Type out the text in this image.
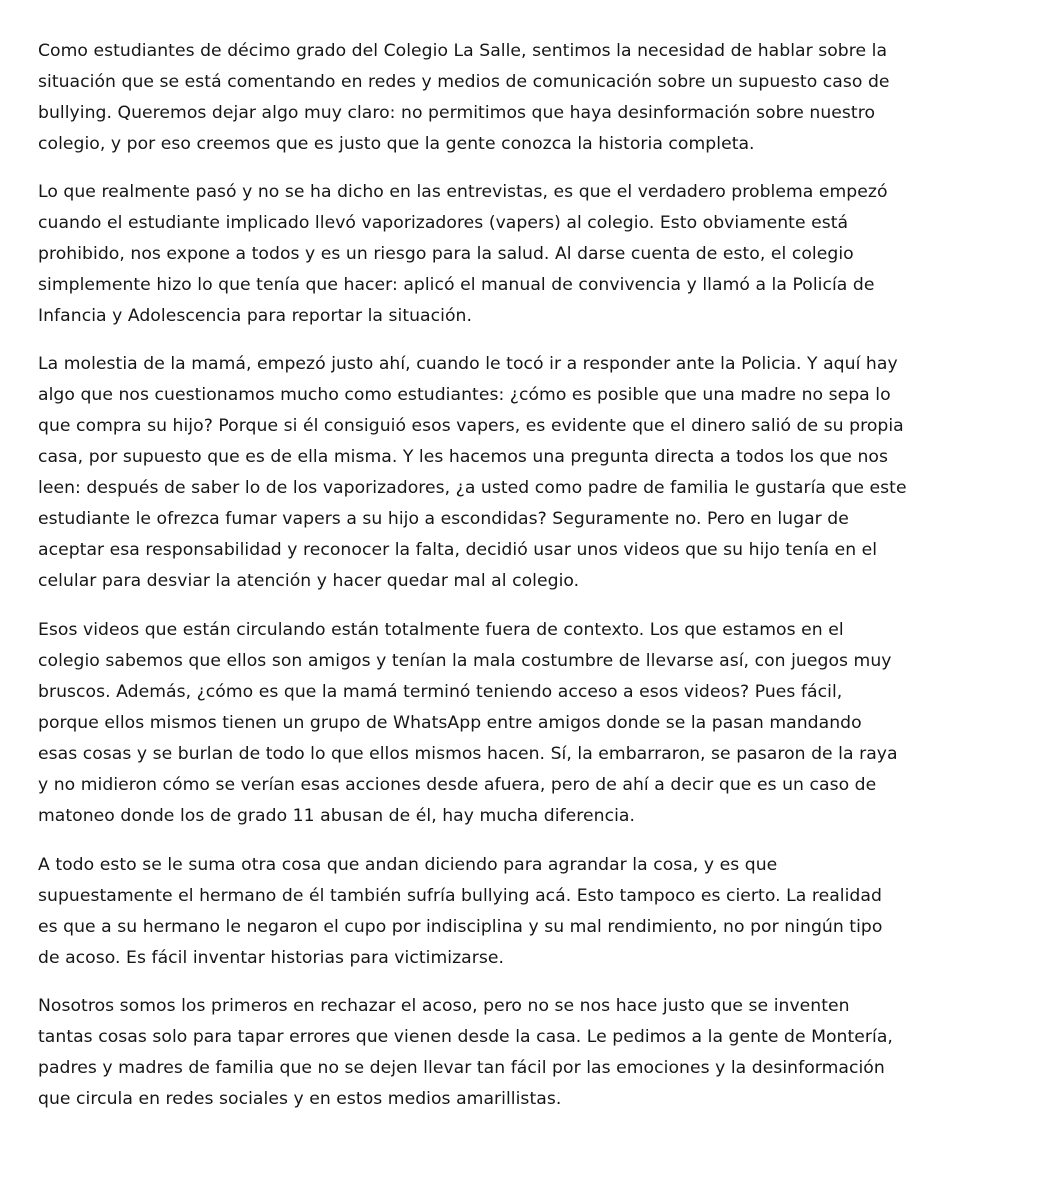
Como estudiantes de décimo grado del Colegio La Salle, sentimos la necesidad de hablar sobre la
situación que se está comentando en redes y medios de comunicación sobre un supuesto caso de
bullying. Queremos dejar algo muy claro: no permitimos que haya desinformación sobre nuestro
colegio, y por eso creemos que es justo que la gente conozca la historia completa.

Lo que realmente pasó y no se ha dicho en las entrevistas, es que el verdadero problema empezó
cuando el estudiante implicado llevó vaporizadores (vapers) al colegio. Esto obviamente está
prohibido, nos expone a todos y es un riesgo para la salud. Al darse cuenta de esto, el colegio
simplemente hizo lo que tenía que hacer: aplicó el manual de convivencia y llamó a la Policía de
Infancia y Adolescencia para reportar la situación.

La molestia de la mamá, empezó justo ahí, cuando le tocó ir a responder ante la Policia. Y aquí hay
algo que nos cuestionamos mucho como estudiantes: ¿cómo es posible que una madre no sepa lo
que compra su hijo? Porque si él consiguió esos vapers, es evidente que el dinero salió de su propia
casa, por supuesto que es de ella misma. Y les hacemos una pregunta directa a todos los que nos
leen: después de saber lo de los vaporizadores, ¿a usted como padre de familia le gustaría que este
estudiante le ofrezca fumar vapers a su hijo a escondidas? Seguramente no. Pero en lugar de
aceptar esa responsabilidad y reconocer la falta, decidió usar unos videos que su hijo tenía en el
celular para desviar la atención y hacer quedar mal al colegio.

Esos videos que están circulando están totalmente fuera de contexto. Los que estamos en el
colegio sabemos que ellos son amigos y tenían la mala costumbre de llevarse así, con juegos muy
bruscos. Además, ¿cómo es que la mamá terminó teniendo acceso a esos videos? Pues fácil,
porque ellos mismos tienen un grupo de WhatsApp entre amigos donde se la pasan mandando
esas cosas y se burlan de todo lo que ellos mismos hacen. Sí, la embarraron, se pasaron de la raya
y no midieron cómo se verían esas acciones desde afuera, pero de ahí a decir que es un caso de
matoneo donde los de grado 11 abusan de él, hay mucha diferencia.

A todo esto se le suma otra cosa que andan diciendo para agrandar la cosa, y es que
supuestamente el hermano de él también sufría bullying acá. Esto tampoco es cierto. La realidad
es que a su hermano le negaron el cupo por indisciplina y su mal rendimiento, no por ningún tipo
de acoso. Es fácil inventar historias para victimizarse.

Nosotros somos los primeros en rechazar el acoso, pero no se nos hace justo que se inventen
tantas cosas solo para tapar errores que vienen desde la casa. Le pedimos a la gente de Montería,
padres y madres de familia que no se dejen llevar tan fácil por las emociones y la desinformación
que circula en redes sociales y en estos medios amarillistas.
